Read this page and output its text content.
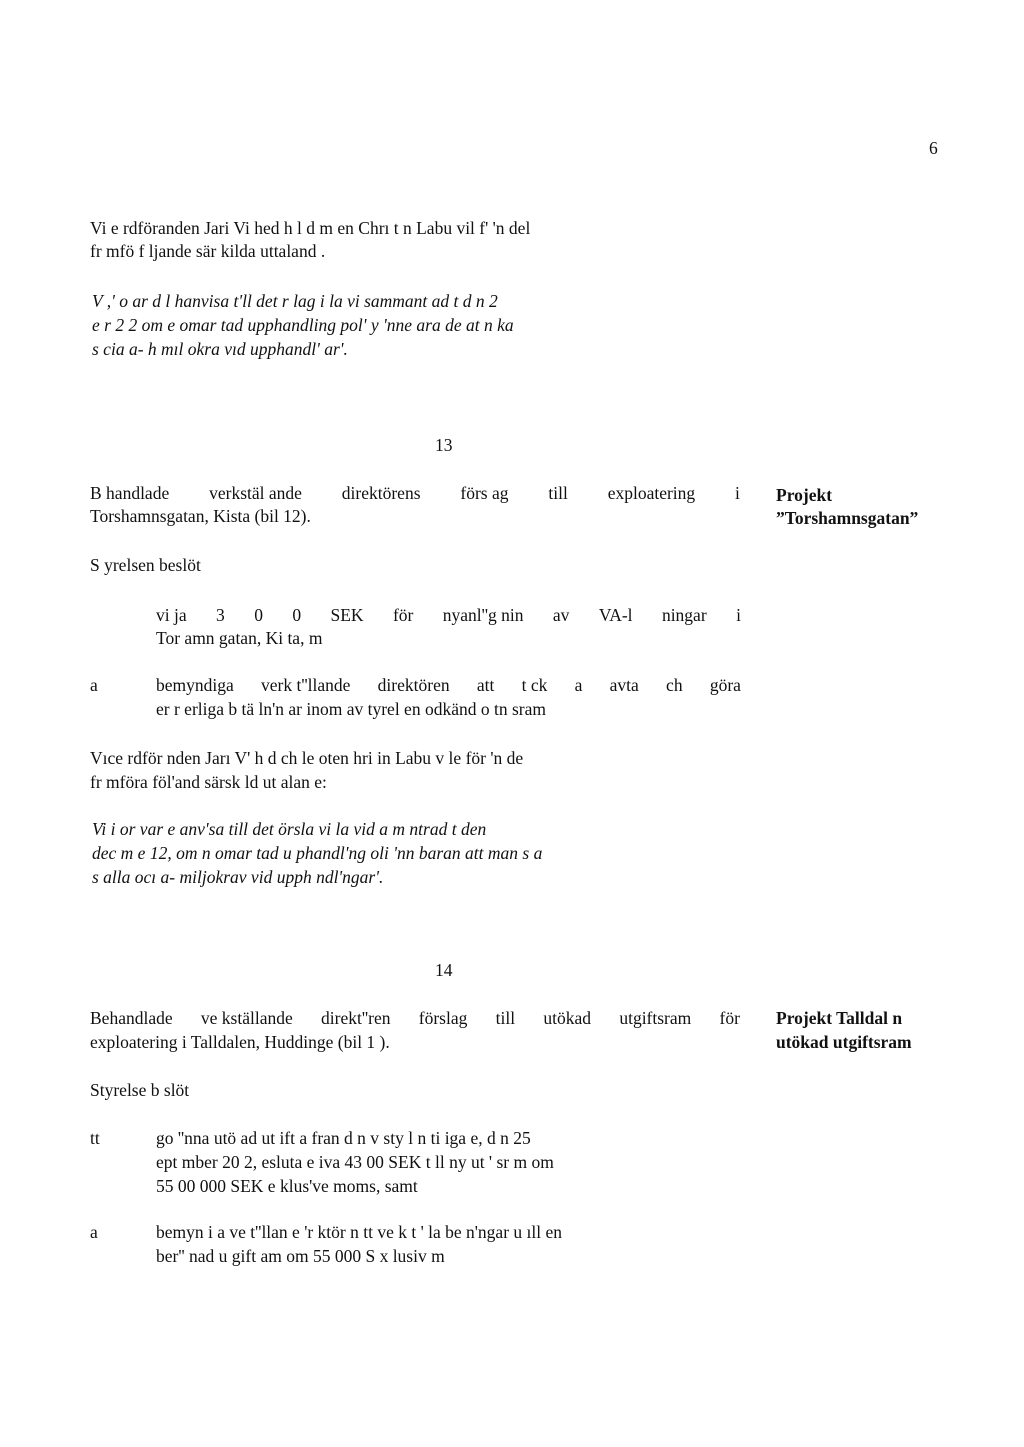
6
Vi e rdföranden Jari Vi hed h l d m en Chrı t n Labu vil f' 'n del
fr mfö f ljande sär kilda uttaland .
V ,' o ar d l hanvisa t'll det r lag i la vi sammant ad t d n 2
e r 2 2 om e omar tad upphandling pol' y 'nne ara de at n ka
s cia a- h mıl okra vıd upphandl' ar'.
13
B handlade verkstäl ande direktörens förs ag till exploatering i
Torshamnsgatan, Kista (bil 12).
Projekt
”Torshamnsgatan”
S yrelsen beslöt
vi ja 3 0 0 SEK för nyanl''g nin av VA-l ningar i
Tor amn gatan, Ki ta, m
a	bemyndiga verk t''llande direktören att t ck a avta ch göra
er r erliga b tä ln'n ar inom av tyrel en odkänd o tn sram
Vıce rdför nden Jarı V' h d ch le oten hri in Labu v le för 'n de
fr mföra föl'and särsk ld ut alan e:
Vi i or var e anv'sa till det örsla vi la vid a m ntrad t den
dec m e 12, om n omar tad u phandl'ng oli 'nn baran att man s a
s alla ocı a- miljokrav vid upph ndl'ngar'.
14
Behandlade ve kställande direkt''ren förslag till utökad utgiftsram för
exploatering i Talldalen, Huddinge (bil 1 ).
Projekt Talldal n
utökad utgiftsram
Styrelse b slöt
tt	go ''nna utö ad ut ift a fran d n v sty l n ti iga e, d n 25
ept mber 20 2, esluta e iva 43 00 SEK t ll ny ut ' sr m om
55 00 000 SEK e klus've moms, samt
a	bemyn i a ve t''llan e 'r ktör n tt ve k t ' la be n'ngar u ıll en
ber'' nad u gift am om 55 000 S x lusiv m
